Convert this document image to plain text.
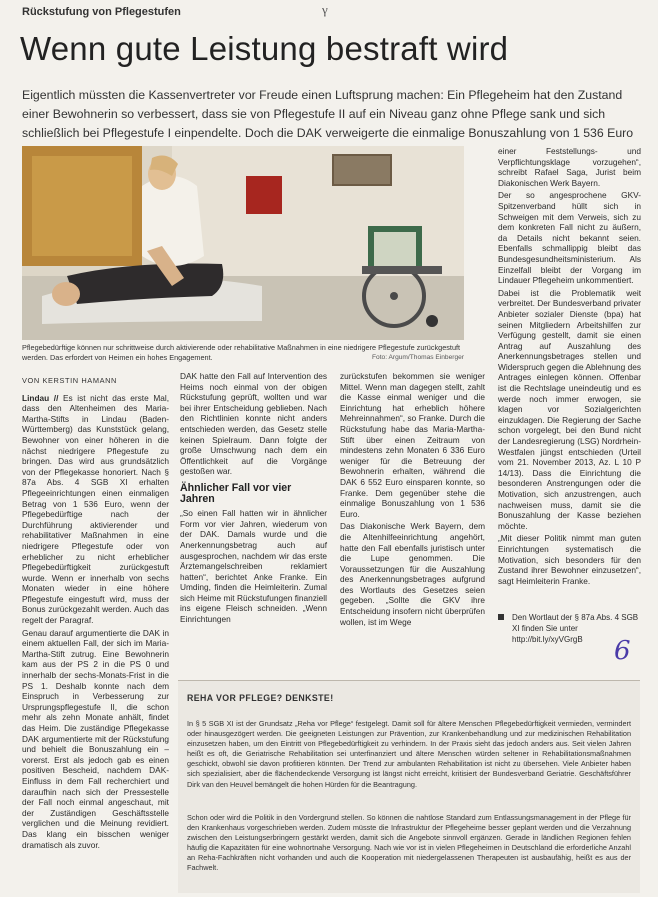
Rückstufung von Pflegestufen	γ
Wenn gute Leistung bestraft wird

Eigentlich müssten die Kassenvertreter vor Freude einen Luftsprung machen: Ein Pflegeheim hat den Zustand einer Bewohnerin so verbessert, dass sie von Pflegestufe II auf ein Niveau ganz ohne Pflege sank und sich schließlich bei Pflegestufe I einpendelte. Doch die DAK verweigerte die einmalige Bonuszahlung von 1 536 Euro

Pflegebedürftige können nur schrittweise durch aktivierende oder rehabilitative Maßnahmen in eine niedrigere Pflegestufe zurückgestuft werden. Das erfordert von Heimen ein hohes Engagement.	Foto: Argum/Thomas Einberger

VON KERSTIN HAMANN

Lindau // Es ist nicht das erste Mal, dass den Altenheimen des Maria-Martha-Stifts in Lindau (Baden-Württemberg) das Kunststück gelang, Bewohner von einer höheren in die nächst niedrigere Pflegestufe zu bringen. Das wird aus grundsätzlich von der Pflegekasse honoriert. Nach § 87a Abs. 4 SGB XI erhalten Pflegeeinrichtungen einen einmaligen Betrag von 1 536 Euro, wenn der Pflegebedürftige nach der Durchführung aktivierender und rehabilitativer Maßnahmen in eine niedrigere Pflegestufe oder von erheblicher zu nicht erheblicher Pflegebedürftigkeit zurückgestuft wurde. Wenn er innerhalb von sechs Monaten wieder in eine höhere Pflegestufe eingestuft wird, muss der Bonus zurückgezahlt werden. Auch das regelt der Paragraf.

Genau darauf argumentierte die DAK in einem aktuellen Fall, der sich im Maria-Martha-Stift zutrug. Eine Bewohnerin kam aus der PS 2 in die PS 0 und innerhalb der sechs-Monats-Frist in die PS 1. Deshalb konnte nach dem Einspruch in Verbesserung zur Ursprungspflegestufe II, die schon mehr als zehn Monate anhält, findet das Heim. Die zuständige Pflegekasse DAK argumentierte mit der Rückstufung und behielt die Bonuszahlung ein – vorerst. Erst als jedoch gab es einen positiven Bescheid, nachdem DAK-Einfluss in dem Fall recherchiert und daraufhin nach sich der Pressestelle der Fall noch einmal angeschaut, mit der Zuständigen Geschäftsstelle verglichen und die Meinung revidiert. Das klang ein bisschen weniger dramatisch als zuvor.

DAK hatte den Fall auf Intervention des Heims noch einmal von der obigen Rückstufung geprüft, wollten und war bei ihrer Entscheidung geblieben. Nach den Richtlinien konnte nicht anders entschieden werden, das Gesetz stelle keinen Spielraum. Dann folgte der große Umschwung nach dem ein Öffentlichkeit auf die Vorgänge gestoßen war.

Ähnlicher Fall vor vier Jahren

„So einen Fall hatten wir in ähnlicher Form vor vier Jahren, wiederum von der DAK. Damals wurde und die Anerkennungsbetrag auch auf ausgesprochen, nachdem wir das erste Ärztemangelschreiben reklamiert hatten“, berichtet Anke Franke. Ein Umding, finden die Heimleiterin. Zumal sich Heime mit Rückstufungen finanziell ins eigene Fleisch schneiden. „Wenn Einrichtungen

zurückstufen bekommen sie weniger Mittel. Wenn man dagegen stellt, zahlt die Kasse einmal weniger und die Einrichtung hat erheblich höhere Mehreinnahmen“, so Franke. Durch die Rückstufung habe das Maria-Martha-Stift über einen Zeitraum von mindestens zehn Monaten 6 336 Euro weniger für die Betreuung der Bewohnerin erhalten, während die DAK 6 552 Euro einsparen konnte, so Franke. Dem gegenüber stehe die einmalige Bonuszahlung von 1 536 Euro.

Das Diakonische Werk Bayern, dem die Altenhilfeeinrichtung angehört, hatte den Fall ebenfalls juristisch unter die Lupe genommen. Die Voraussetzungen für die Auszahlung des Anerkennungsbetrages aufgrund des Wortlauts des Gesetzes seien gegeben. „Sollte die GKV ihre Entscheidung insofern nicht überprüfen wollen, ist im Wege

einer Feststellungs- und Verpflichtungsklage vorzugehen“, schreibt Rafael Saga, Jurist beim Diakonischen Werk Bayern.

Der so angesprochene GKV-Spitzenverband hüllt sich in Schweigen mit dem Verweis, sich zu dem konkreten Fall nicht zu äußern, da Details nicht bekannt seien. Ebenfalls schmallippig bleibt das Bundesgesundheitsministerium. Als Einzelfall bleibt der Vorgang im Lindauer Pflegeheim unkommentiert.

Dabei ist die Problematik weit verbreitet. Der Bundesverband privater Anbieter sozialer Dienste (bpa) hat seinen Mitgliedern Arbeitshilfen zur Verfügung gestellt, damit sie einen Antrag auf Auszahlung des Anerkennungsbetrages stellen und Widerspruch gegen die Ablehnung des Antrages einlegen können. Offenbar ist die Rechtslage uneindeutig und es werde noch immer erwogen, sie klagen vor Sozialgerichten einzuklagen. Die Regierung der Sache schon vorgelegt, bei den Bund nicht der Landesregierung (LSG) Nordrhein-Westfalen jüngst entschieden (Urteil vom 21. November 2013, Az. L 10 P 14/13). Dass die Einrichtung die besonderen Anstrengungen oder die Motivation, sich anzustrengen, auch nachweisen muss, damit sie die Bonuszahlung der Kasse beziehen möchte.

„Mit dieser Politik nimmt man guten Einrichtungen systematisch die Motivation, sich besonders für den Zustand ihrer Bewohner einzusetzen“, sagt Heimleiterin Franke.

Den Wortlaut der § 87a Abs. 4 SGB XI finden Sie unter http://bit.ly/xyVGrgB	6
REHA VOR PFLEGE? DENKSTE!

In § 5 SGB XI ist der Grundsatz „Reha vor Pflege“ festgelegt. Damit soll für ältere Menschen Pflegebedürftigkeit vermieden, vermindert oder hinausgezögert werden. Die geeigneten Leistungen zur Prävention, zur Krankenbehandlung und zur medizinischen Rehabilitation einzusetzen haben, um den Eintritt von Pflegebedürftigkeit zu verhindern. In der Praxis sieht das jedoch anders aus. Seit vielen Jahren heißt es oft, die Geriatrische Rehabilitation sei unterfinanziert und ältere Menschen würden seltener in Rehabilitationsmaßnahmen geschickt, obwohl sie davon profitieren könnten. Der Trend zur ambulanten Rehabilitation ist nicht zu übersehen. Viele Anbieter haben sich spezialisiert, aber die flächendeckende Versorgung ist längst nicht erreicht, kritisiert der Bundesverband Geriatrie. Geschäftsführer Dirk van den Heuvel bemängelt die hohen Hürden für die Beantragung.

Schon oder wird die Politik in den Vordergrund stellen. So können die nahtlose Standard zum Entlassungsmanagement in der Pflege für den Krankenhaus vorgeschrieben werden. Zudem müsste die Infrastruktur der Pflegeheime besser geplant werden und die Verzahnung zwischen den Leistungserbringern gestärkt werden, damit sich die Angebote sinnvoll ergänzen. Gerade in ländlichen Regionen fehlen häufig die Kapazitäten für eine wohnortnahe Versorgung. Nach wie vor ist in vielen Pflegeheimen in Deutschland die erforderliche Anzahl an Reha-Fachkräften nicht vorhanden und auch die Kooperation mit niedergelassenen Therapeuten ist ausbaufähig, heißt es aus der Fachwelt.
